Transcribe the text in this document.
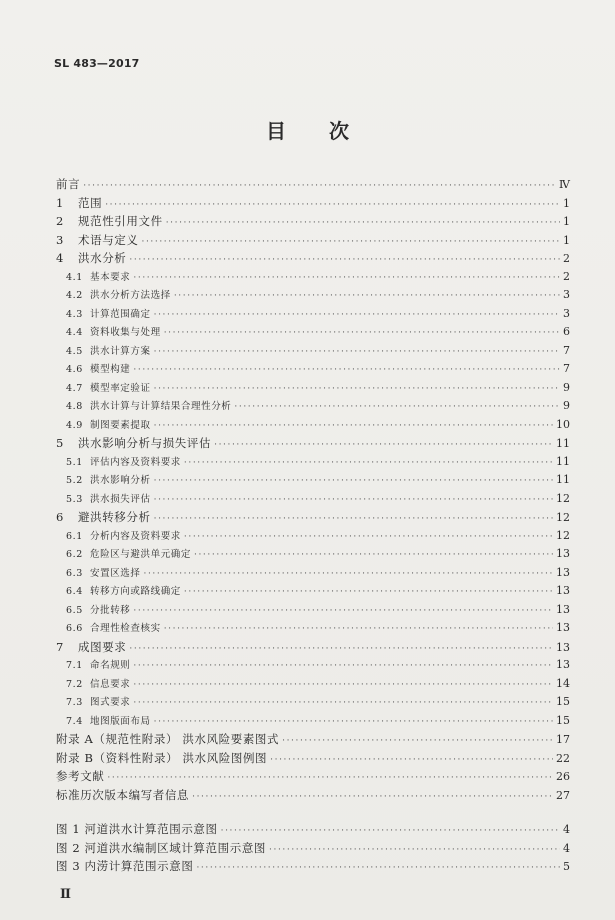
SL 483—2017
目 次
前言 ·····	Ⅳ
1 范围 ·····	1
2 规范性引用文件 ·····	1
3 术语与定义 ·····	1
4 洪水分析 ·····	2
4.1 基本要求 ·····	2
4.2 洪水分析方法选择 ·····	3
4.3 计算范围确定 ·····	3
4.4 资料收集与处理 ·····	6
4.5 洪水计算方案 ·····	7
4.6 模型构建 ·····	7
4.7 模型率定验证 ·····	9
4.8 洪水计算与计算结果合理性分析 ·····	9
4.9 制图要素提取 ·····	10
5 洪水影响分析与损失评估 ·····	11
5.1 评估内容及资料要求 ·····	11
5.2 洪水影响分析 ·····	11
5.3 洪水损失评估 ·····	12
6 避洪转移分析 ·····	12
6.1 分析内容及资料要求 ·····	12
6.2 危险区与避洪单元确定 ·····	13
6.3 安置区选择 ·····	13
6.4 转移方向或路线确定 ·····	13
6.5 分批转移 ·····	13
6.6 合理性检查核实 ·····	13
7 成图要求 ·····	13
7.1 命名规则 ·····	13
7.2 信息要求 ·····	14
7.3 图式要求 ·····	15
7.4 地图版面布局 ·····	15
附录 A（规范性附录） 洪水风险要素图式 ·····	17
附录 B（资料性附录） 洪水风险图例图 ·····	22
参考文献 ·····	26
标准历次版本编写者信息 ·····	27
图 1 河道洪水计算范围示意图 ·····	4
图 2 河道洪水编制区域计算范围示意图 ·····	4
图 3 内涝计算范围示意图 ·····	5
Ⅱ
